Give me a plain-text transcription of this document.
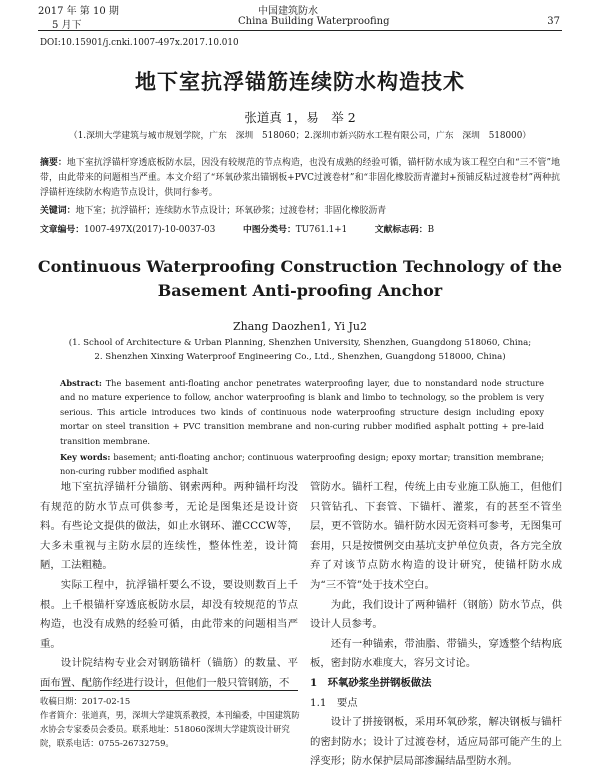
2017 年 第 10 期
5 月下
中国建筑防水
China Building Waterproofing	37
DOI:10.15901/j.cnki.1007-497x.2017.10.010
地下室抗浮锚筋连续防水构造技术
张道真 1，易　举 2
（1.深圳大学建筑与城市规划学院，广东　深圳　518060；2.深圳市新兴防水工程有限公司，广东　深圳　518000）
摘要：地下室抗浮锚杆穿透底板防水层，因没有较规范的节点构造，也没有成熟的经验可循，锚杆防水成为该工程空白和“三不管”地带，由此带来的问题相当严重。本文介绍了“环氧砂浆出锚钢板+PVC过渡卷材”和“非固化橡胶沥青灌封+预铺反粘过渡卷材”两种抗浮锚杆连续防水构造节点设计，供同行参考。
关键词：地下室；抗浮锚杆；连续防水节点设计；环氧砂浆；过渡卷材；非固化橡胶沥青
文章编号：1007-497X(2017)-10-0037-03	中图分类号：TU761.1+1	文献标志码：B
Continuous Waterproofing Construction Technology of the
Basement Anti-proofing Anchor
Zhang Daozhen1, Yi Ju2
(1. School of Architecture & Urban Planning, Shenzhen University, Shenzhen, Guangdong 518060, China;
2. Shenzhen Xinxing Waterproof Engineering Co., Ltd., Shenzhen, Guangdong 518000, China)
Abstract: The basement anti-floating anchor penetrates waterproofing layer, due to nonstandard node structure and no mature experience to follow, anchor waterproofing is blank and limbo to technology, so the problem is very serious. This article introduces two kinds of continuous node waterproofing structure design including epoxy mortar on steel transition + PVC transition membrane and non-curing rubber modified asphalt potting + pre-laid transition membrane.
Key words: basement; anti-floating anchor; continuous waterproofing design; epoxy mortar; transition membrane; non-curing rubber modified asphalt

地下室抗浮锚杆分锚筋、钢索两种。两种锚杆均没有规范的防水节点可供参考，无论是图集还是设计资料。有些论文提供的做法，如止水钢环、灌CCCW等，大多未重视与主防水层的连续性，整体性差，设计简陋，工法粗糙。

实际工程中，抗浮锚杆要么不设，要设则数百上千根。上千根锚杆穿透底板防水层，却没有较规范的节点构造，也没有成熟的经验可循，由此带来的问题相当严重。

设计院结构专业会对钢筋锚杆（锚筋）的数量、平面布置、配筋作经进行设计，但他们一般只管钢筋，不

收稿日期：2017-02-15
作者简介：张道真，男，深圳大学建筑系教授，本刊编委，中国建筑防水协会专家委员会委员。联系地址：518060深圳大学建筑设计研究院，联系电话：0755-26732759。

管防水。锚杆工程，传统上由专业施工队施工，但他们只管钻孔、下套管、下锚杆、灌浆，有的甚至不管坐层，更不管防水。锚杆防水因无资料可参考，无图集可套用，只是按惯例交由基坑支护单位负责，各方完全放弃了对该节点防水构造的设计研究，使锚杆防水成为“三不管”处于技术空白。

为此，我们设计了两种锚杆（钢筋）防水节点，供设计人员参考。

还有一种锚索，带油脂、带锚头，穿透整个结构底板，密封防水难度大，容另文讨论。

1　环氧砂浆坐拼钢板做法
1.1　要点

设计了拼接钢板，采用环氧砂浆，解决钢板与锚杆的密封防水；设计了过渡卷材，适应局部可能产生的上浮变形；防水保护层局部渗漏结晶型防水剂。
